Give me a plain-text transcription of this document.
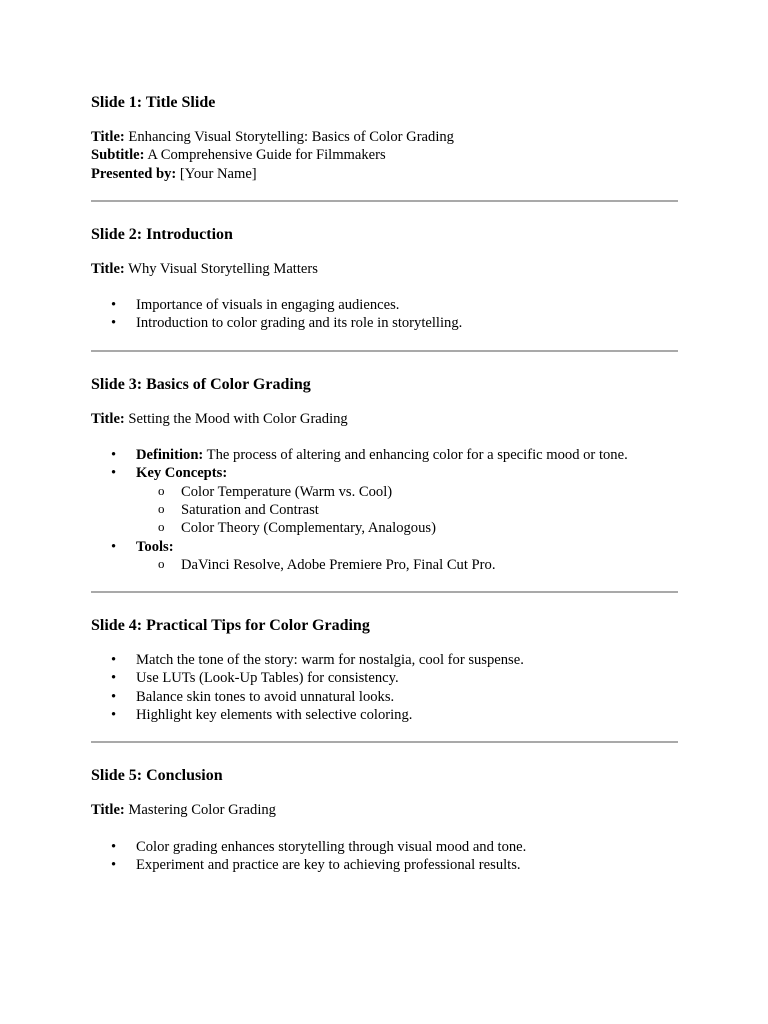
Slide 1: Title Slide

Title: Enhancing Visual Storytelling: Basics of Color Grading

Subtitle: A Comprehensive Guide for Filmmakers

Presented by: [Your Name]

Slide 2: Introduction

Title: Why Visual Storytelling Matters

• Importance of visuals in engaging audiences.
• Introduction to color grading and its role in storytelling.
Slide 3: Basics of Color Grading

Title: Setting the Mood with Color Grading

• Definition: The process of altering and enhancing color for a specific mood or tone.
• Key Concepts:
o Color Temperature (Warm vs. Cool)
o Saturation and Contrast
o Color Theory (Complementary, Analogous)
• Tools:
o DaVinci Resolve, Adobe Premiere Pro, Final Cut Pro.
Slide 4: Practical Tips for Color Grading
• Match the tone of the story: warm for nostalgia, cool for suspense.
• Use LUTs (Look-Up Tables) for consistency.
• Balance skin tones to avoid unnatural looks.
• Highlight key elements with selective coloring.
Slide 5: Conclusion

Title: Mastering Color Grading

• Color grading enhances storytelling through visual mood and tone.
• Experiment and practice are key to achieving professional results.
